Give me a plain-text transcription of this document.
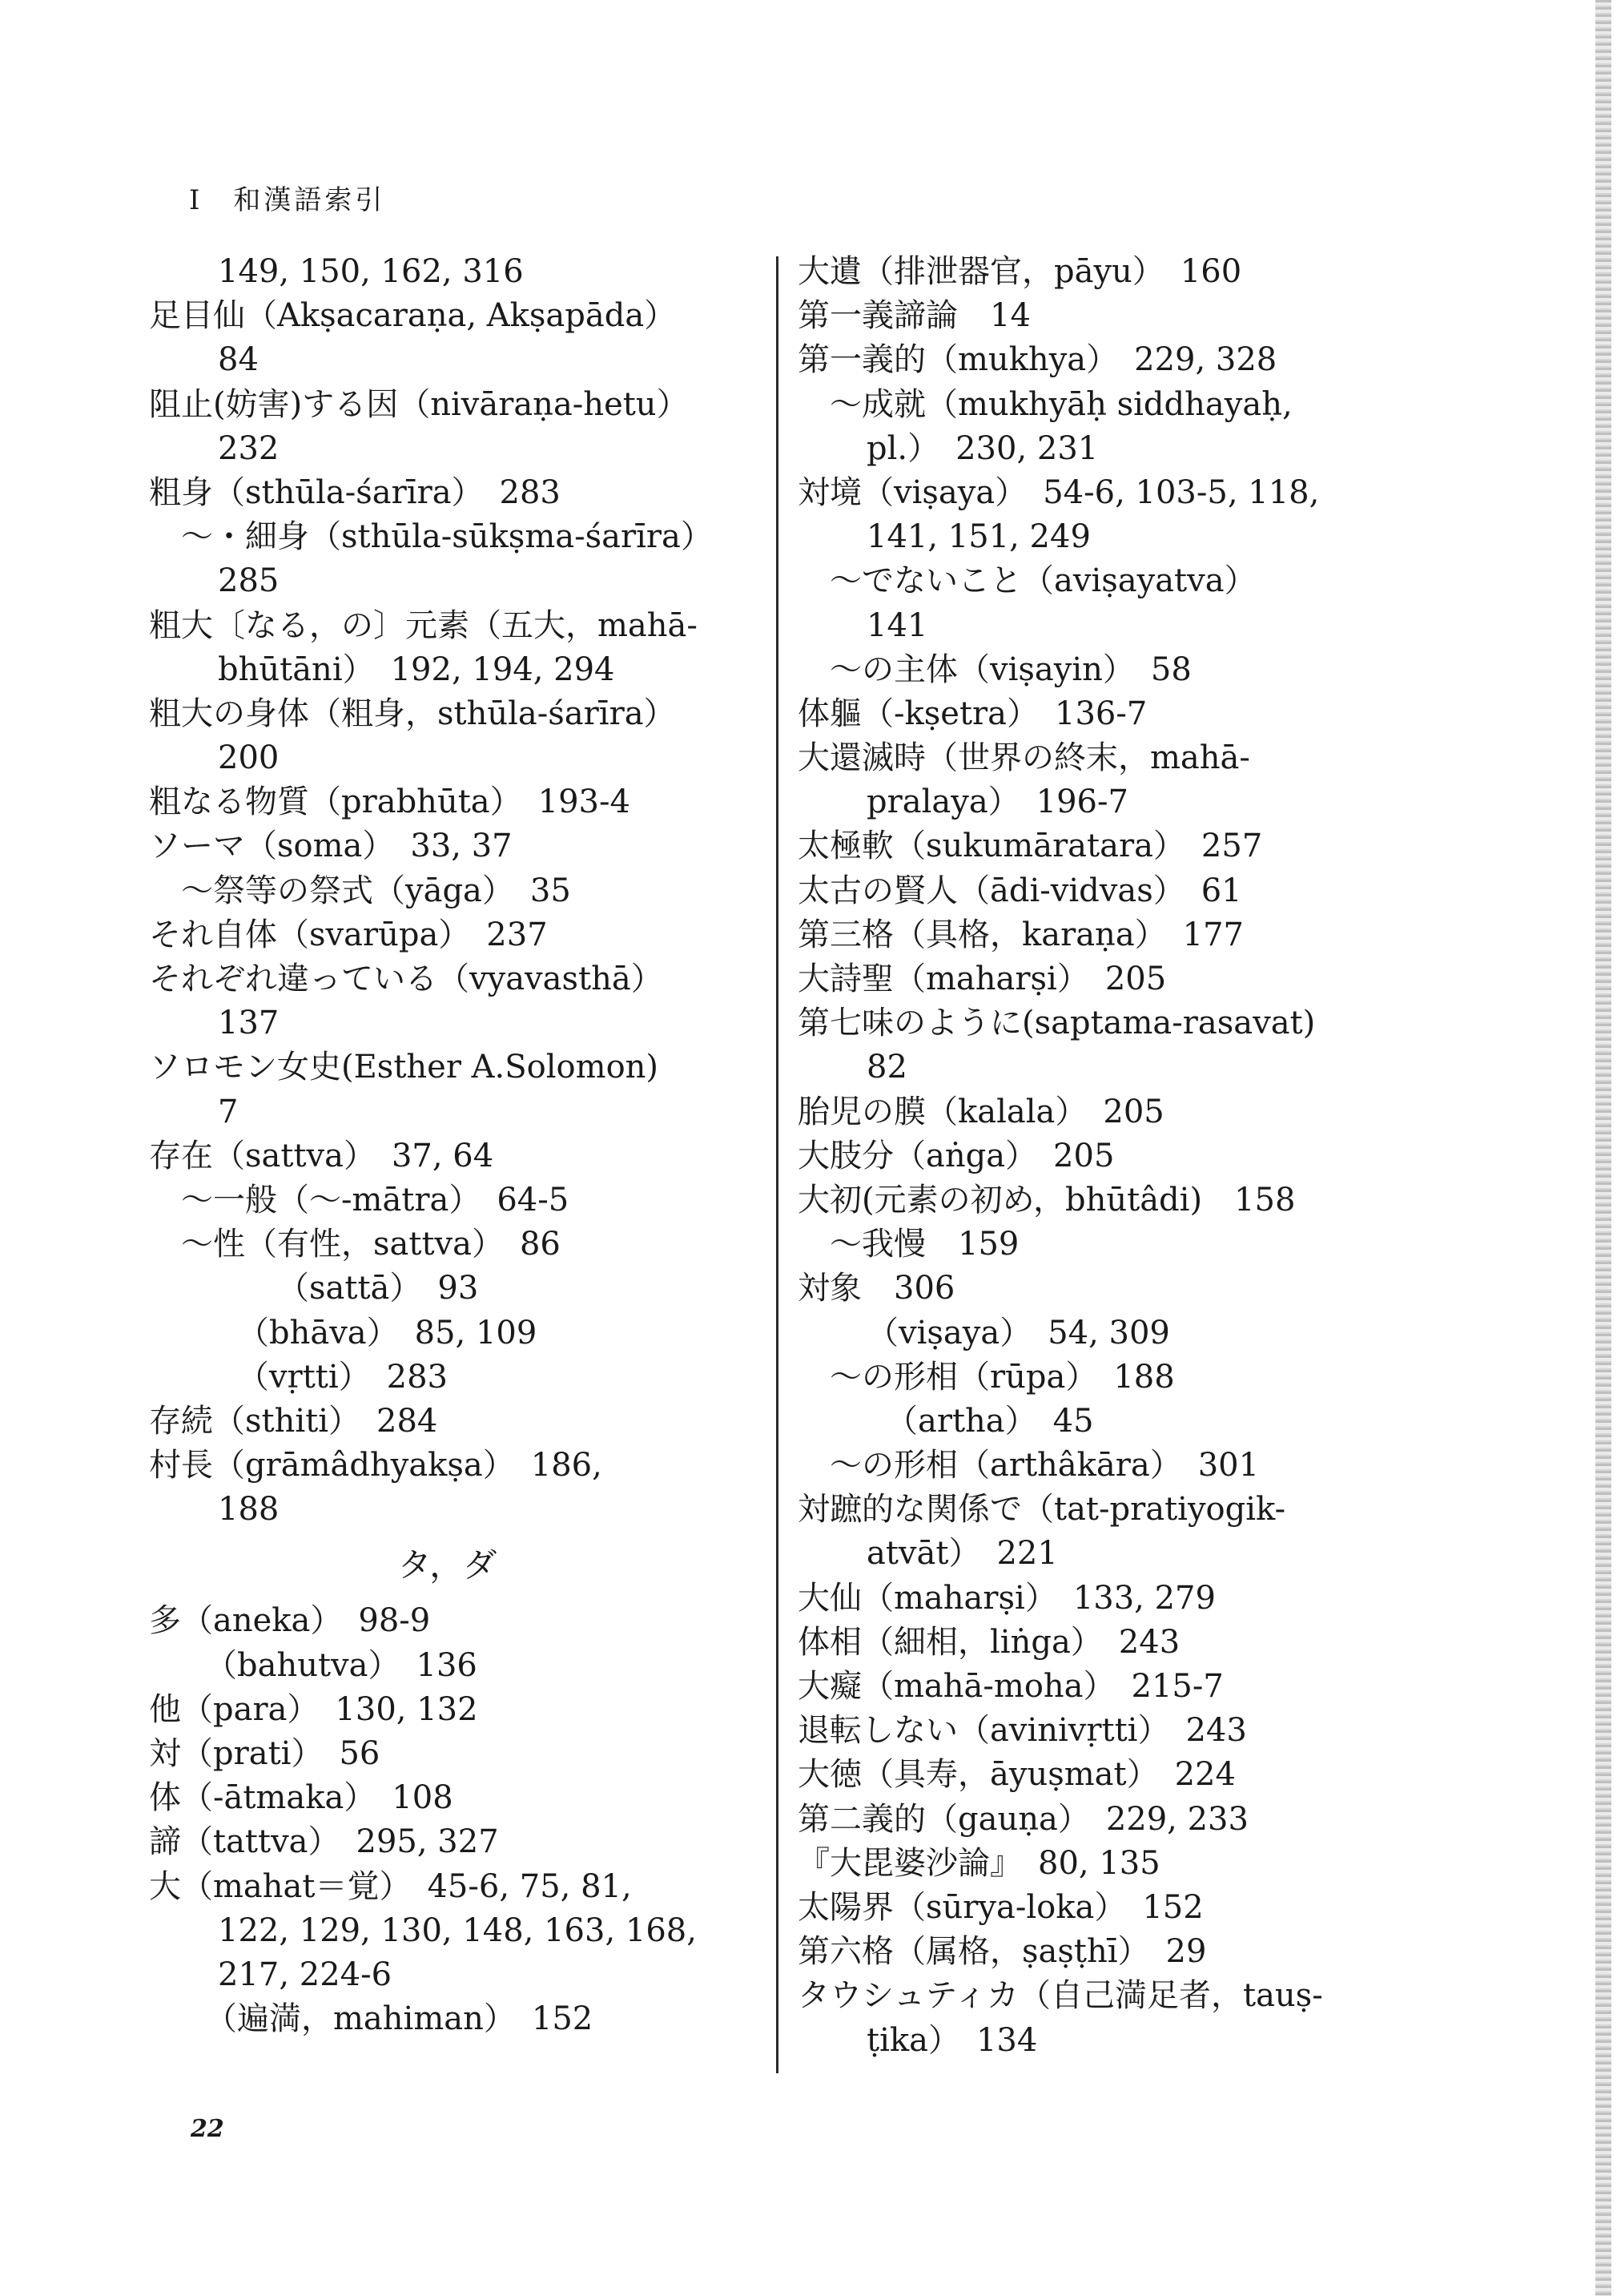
I　和漢語索引
149, 150, 162, 316
足目仙（Akṣacaraṇa, Akṣapāda）
84
阻止(妨害)する因（nivāraṇa-hetu）
232
粗身（sthūla-śarīra）　283
～・細身（sthūla-sūkṣma-śarīra）
285
粗大〔なる，の〕元素（五大，mahā-
bhūtāni）　192, 194, 294
粗大の身体（粗身，sthūla-śarīra）
200
粗なる物質（prabhūta）　193-4
ソーマ（soma）　33, 37
～祭等の祭式（yāga）　35
それ自体（svarūpa）　237
それぞれ違っている（vyavasthā）
137
ソロモン女史(Esther A.Solomon)
7
存在（sattva）　37, 64
～一般（～-mātra）　64-5
～性（有性，sattva）　86
（sattā）　93
（bhāva）　85, 109
（vṛtti）　283
存続（sthiti）　284
村長（grāmâdhyakṣa）　186,
188
タ，ダ
多（aneka）　98-9
（bahutva）　136
他（para）　130, 132
対（prati）　56
体（-ātmaka）　108
諦（tattva）　295, 327
大（mahat＝覚）　45-6, 75, 81,
122, 129, 130, 148, 163, 168,
217, 224-6
（遍満，mahiman）　152
大遺（排泄器官，pāyu）　160
第一義諦論　14
第一義的（mukhya）　229, 328
～成就（mukhyāḥ siddhayaḥ,
pl.）　230, 231
対境（viṣaya）　54-6, 103-5, 118,
141, 151, 249
～でないこと（aviṣayatva）
141
～の主体（viṣayin）　58
体軀（-kṣetra）　136-7
大還滅時（世界の終末，mahā-
pralaya）　196-7
太極軟（sukumāratara）　257
太古の賢人（ādi-vidvas）　61
第三格（具格，karaṇa）　177
大詩聖（maharṣi）　205
第七味のように(saptama-rasavat)
82
胎児の膜（kalala）　205
大肢分（aṅga）　205
大初(元素の初め，bhūtâdi)　158
～我慢　159
対象　306
（viṣaya）　54, 309
～の形相（rūpa）　188
（artha）　45
～の形相（arthâkāra）　301
対蹠的な関係で（tat-pratiyogik-
atvāt）　221
大仙（maharṣi）　133, 279
体相（細相，liṅga）　243
大癡（mahā-moha）　215-7
退転しない（avinivṛtti）　243
大徳（具寿，āyuṣmat）　224
第二義的（gauṇa）　229, 233
『大毘婆沙論』　80, 135
太陽界（sūrya-loka）　152
第六格（属格，ṣaṣṭhī）　29
タウシュティカ（自己満足者，tauṣ-
ṭika）　134
22
